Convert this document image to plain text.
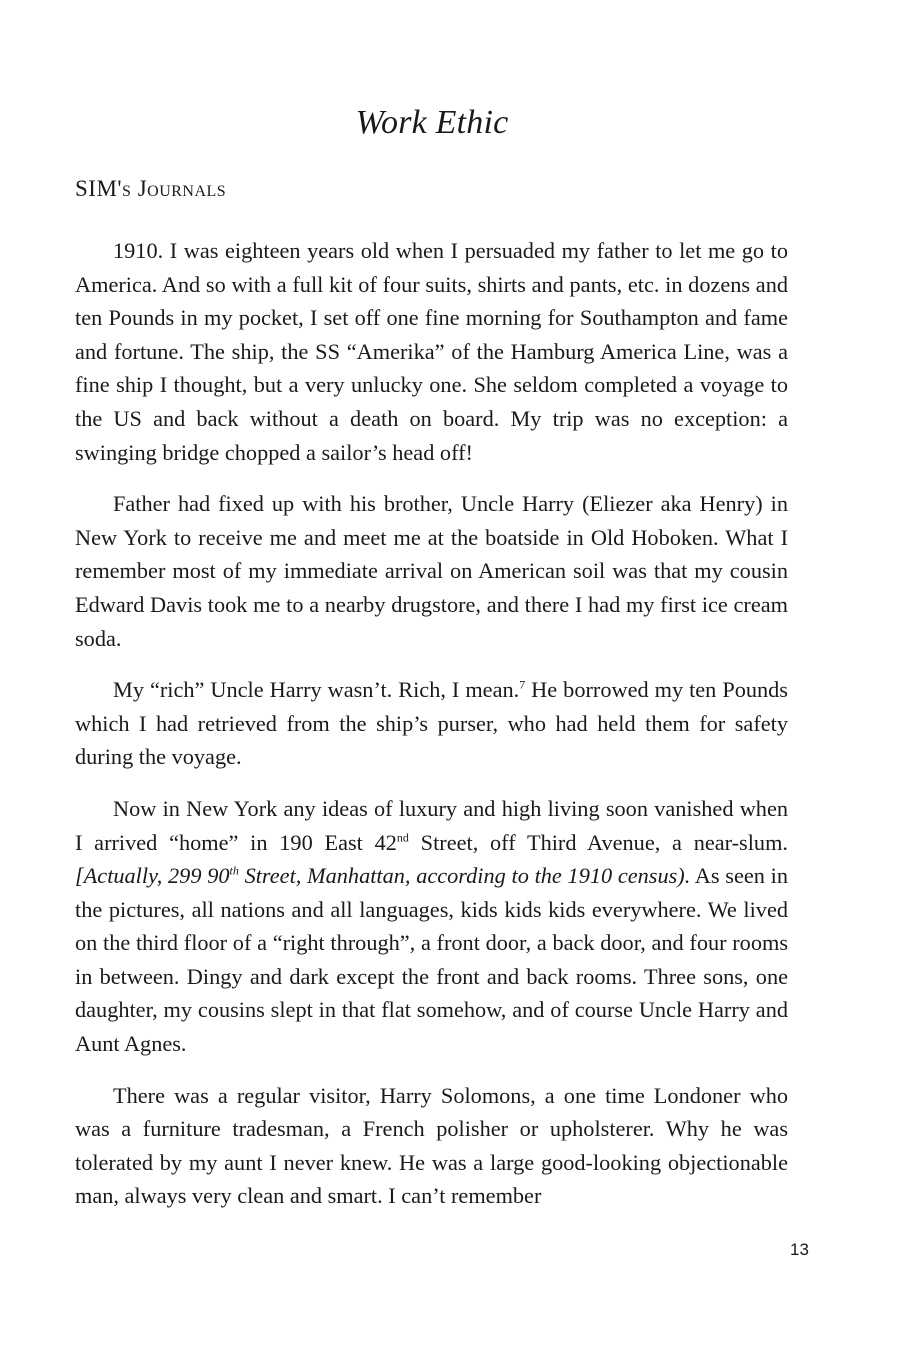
Work Ethic
SIM's Journals

1910. I was eighteen years old when I persuaded my father to let me go to America. And so with a full kit of four suits, shirts and pants, etc. in dozens and ten Pounds in my pocket, I set off one fine morning for Southampton and fame and fortune. The ship, the SS “Amerika” of the Hamburg America Line, was a fine ship I thought, but a very unlucky one. She seldom completed a voyage to the US and back without a death on board. My trip was no exception: a swinging bridge chopped a sailor’s head off!

Father had fixed up with his brother, Uncle Harry (Eliezer aka Henry) in New York to receive me and meet me at the boatside in Old Hoboken. What I remember most of my immediate arrival on American soil was that my cousin Edward Davis took me to a nearby drugstore, and there I had my first ice cream soda.

My “rich” Uncle Harry wasn’t. Rich, I mean.$^7$ He borrowed my ten Pounds which I had retrieved from the ship’s purser, who had held them for safety during the voyage.

Now in New York any ideas of luxury and high living soon vanished when I arrived “home” in 190 East 42nd Street, off Third Avenue, a near-slum. [Actually, 299 90th Street, Manhattan, according to the 1910 census). As seen in the pictures, all nations and all languages, kids kids kids everywhere. We lived on the third floor of a “right through”, a front door, a back door, and four rooms in between. Dingy and dark except the front and back rooms. Three sons, one daughter, my cousins slept in that flat somehow, and of course Uncle Harry and Aunt Agnes.

There was a regular visitor, Harry Solomons, a one time Londoner who was a furniture tradesman, a French polisher or upholsterer. Why he was tolerated by my aunt I never knew. He was a large good-looking objectionable man, always very clean and smart. I can’t remember

13
